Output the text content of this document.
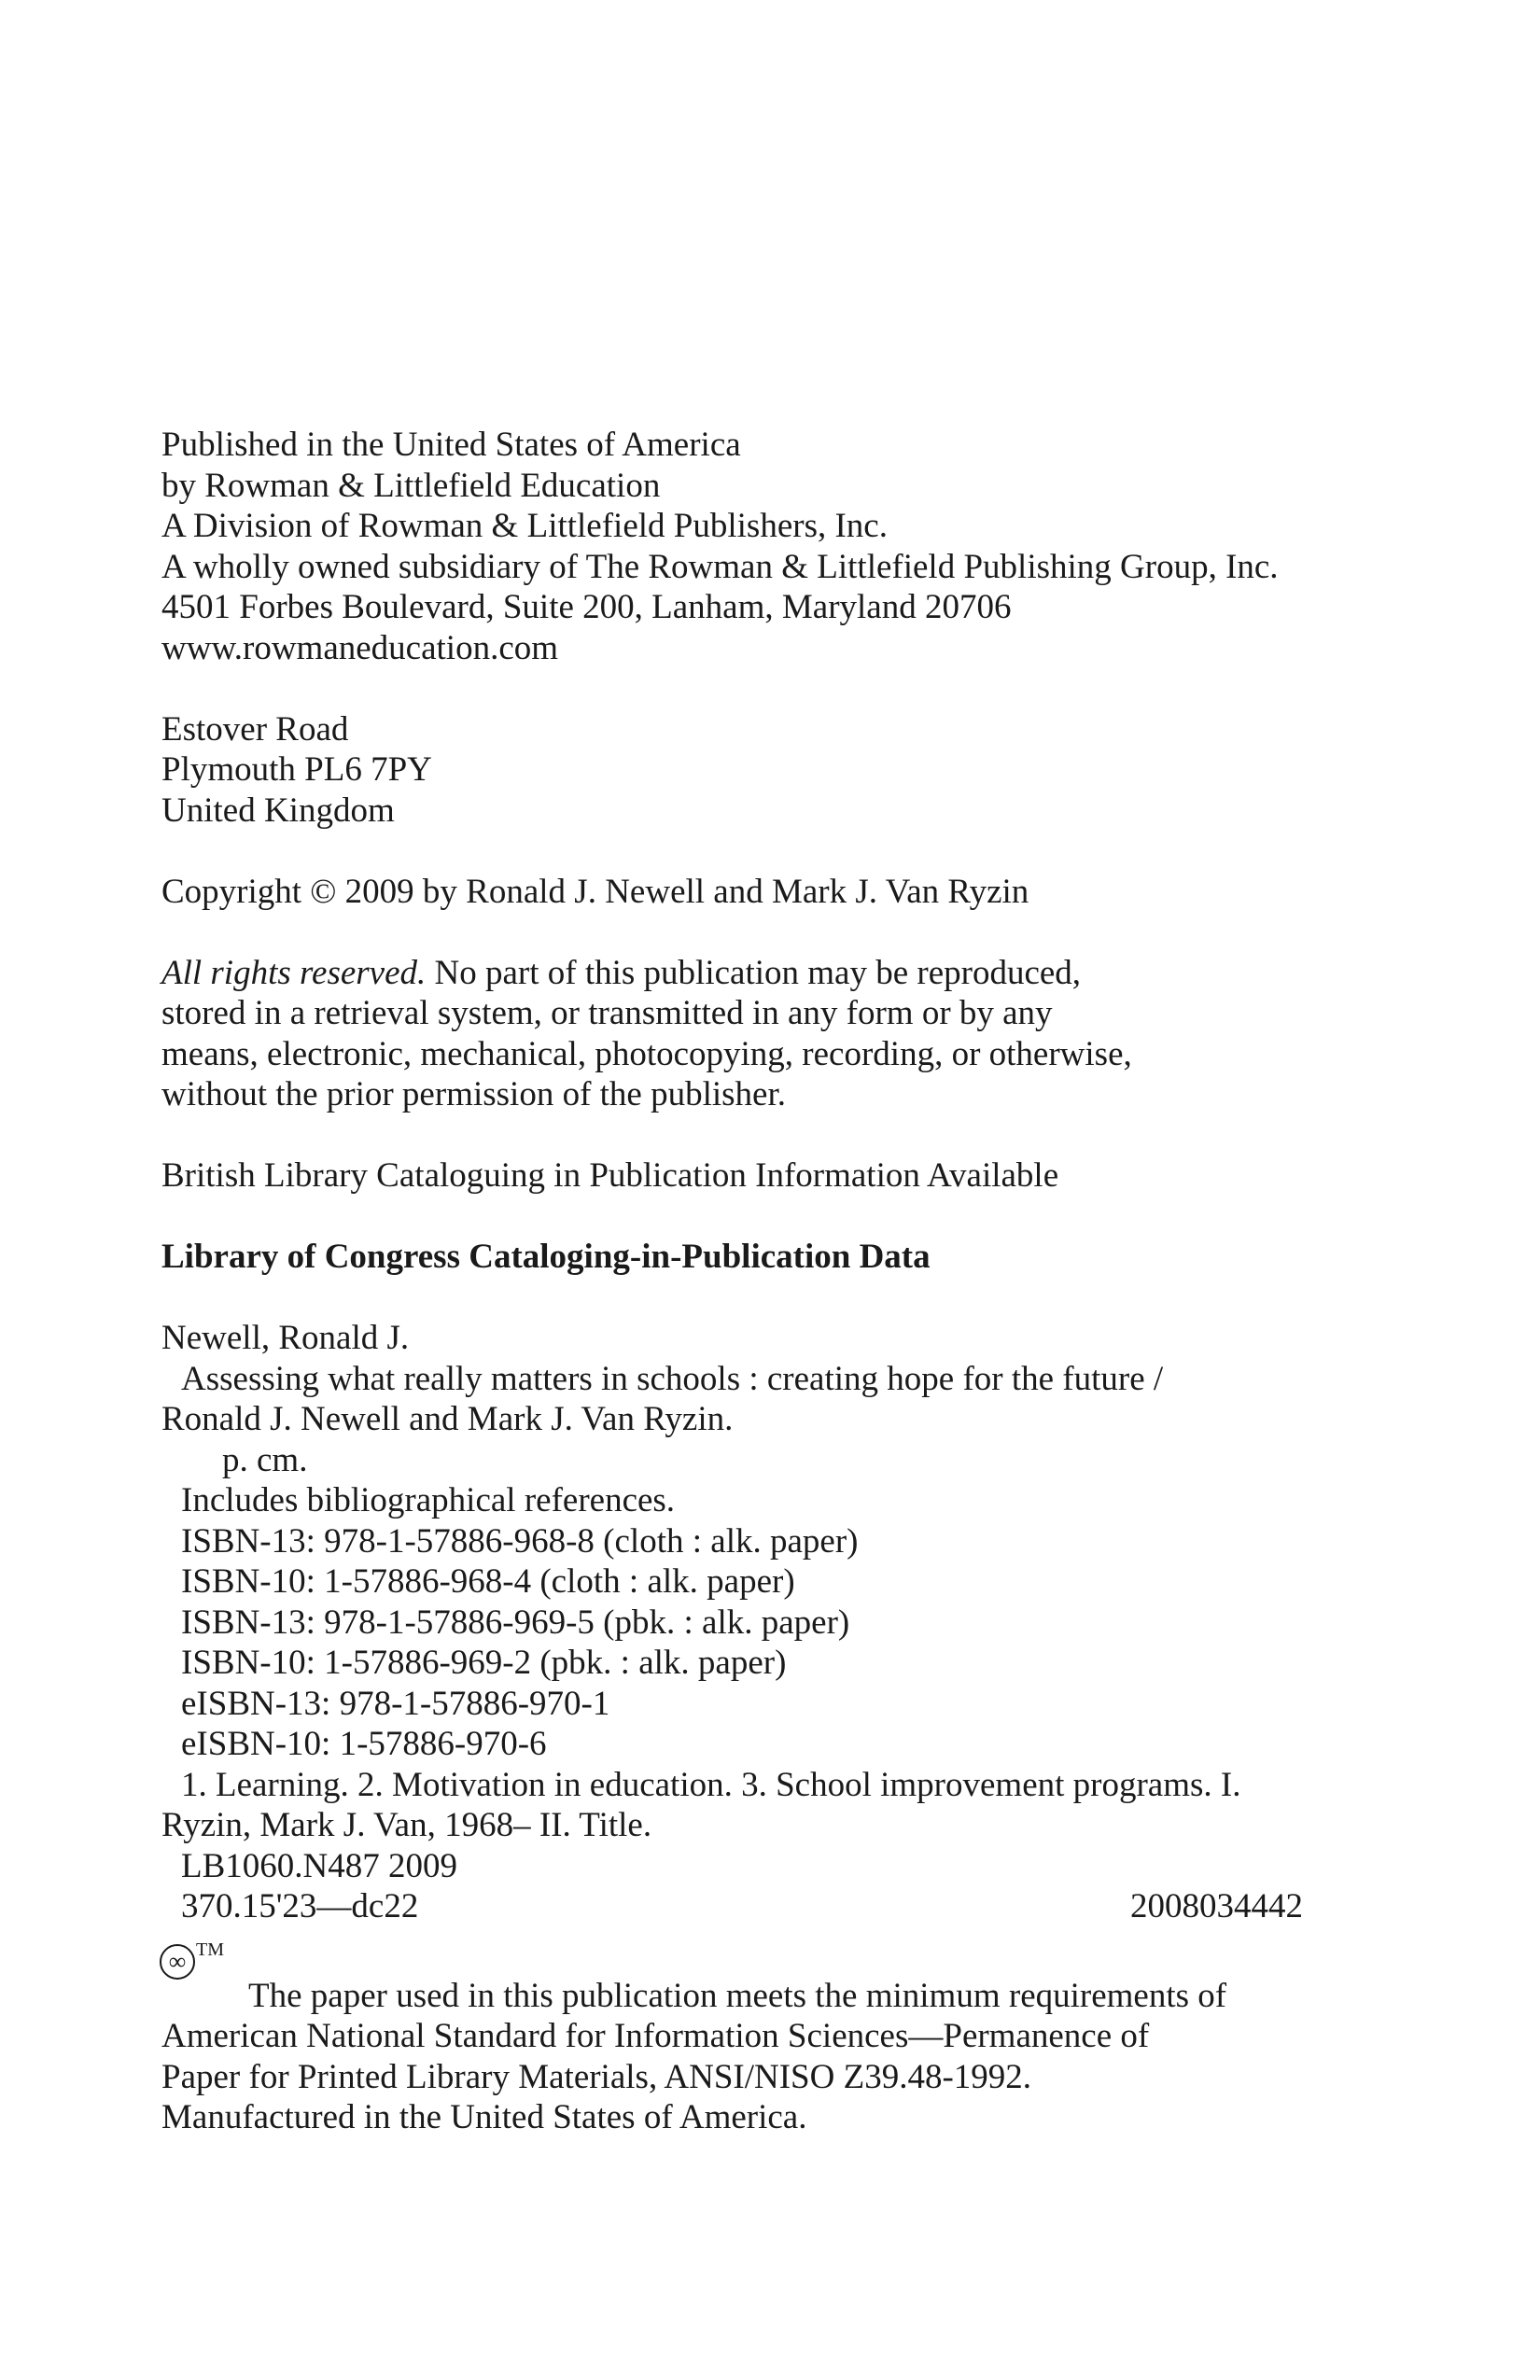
Published in the United States of America
by Rowman & Littlefield Education
A Division of Rowman & Littlefield Publishers, Inc.
A wholly owned subsidiary of The Rowman & Littlefield Publishing Group, Inc.
4501 Forbes Boulevard, Suite 200, Lanham, Maryland 20706
www.rowmaneducation.com
Estover Road
Plymouth PL6 7PY
United Kingdom
Copyright © 2009 by Ronald J. Newell and Mark J. Van Ryzin
All rights reserved. No part of this publication may be reproduced,
stored in a retrieval system, or transmitted in any form or by any
means, electronic, mechanical, photocopying, recording, or otherwise,
without the prior permission of the publisher.
British Library Cataloguing in Publication Information Available
Library of Congress Cataloging-in-Publication Data
Newell, Ronald J.
Assessing what really matters in schools : creating hope for the future /
Ronald J. Newell and Mark J. Van Ryzin.
p. cm.
Includes bibliographical references.
ISBN-13: 978-1-57886-968-8 (cloth : alk. paper)
ISBN-10: 1-57886-968-4 (cloth : alk. paper)
ISBN-13: 978-1-57886-969-5 (pbk. : alk. paper)
ISBN-10: 1-57886-969-2 (pbk. : alk. paper)
eISBN-13: 978-1-57886-970-1
eISBN-10: 1-57886-970-6
1. Learning. 2. Motivation in education. 3. School improvement programs. I.
Ryzin, Mark J. Van, 1968– II. Title.
LB1060.N487 2009
370.15'23—dc22	2008034442
∞ TM
The paper used in this publication meets the minimum requirements of
American National Standard for Information Sciences—Permanence of
Paper for Printed Library Materials, ANSI/NISO Z39.48-1992.
Manufactured in the United States of America.
